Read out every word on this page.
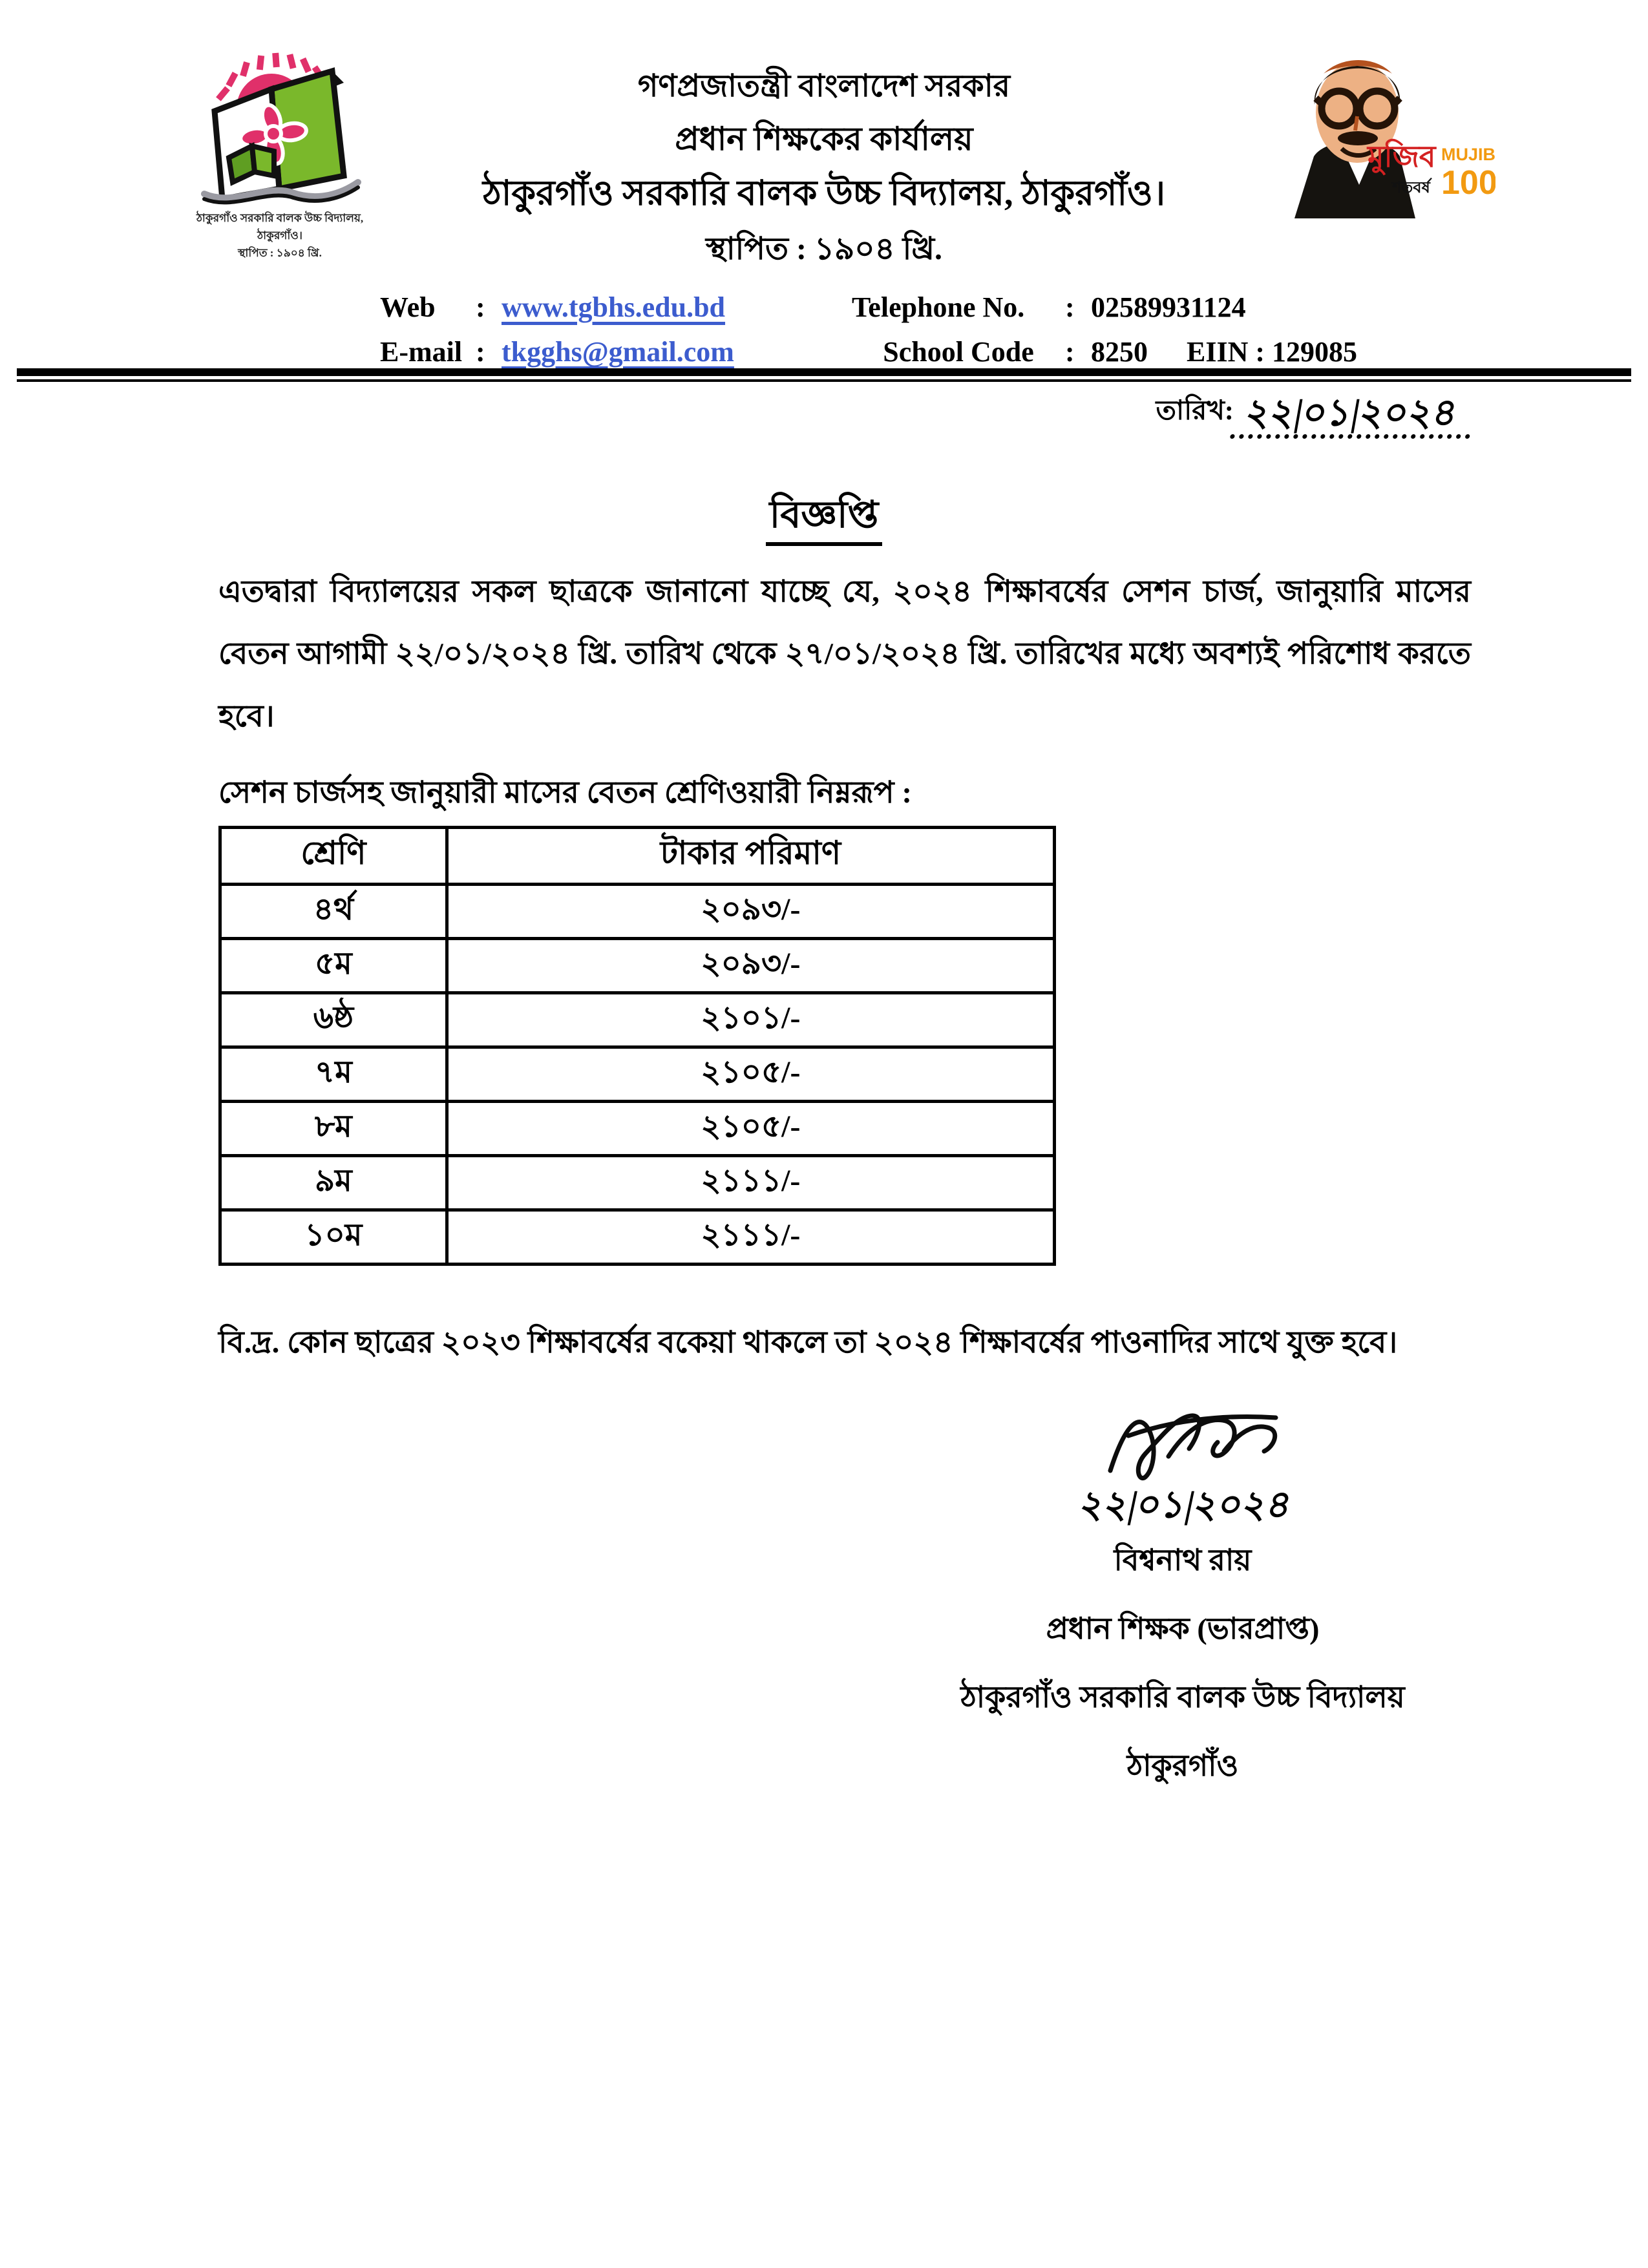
ঠাকুরগাঁও সরকারি বালক উচ্চ বিদ্যালয়, ঠাকুরগাঁও।
স্থাপিত : ১৯০৪ খ্রি.
গণপ্রজাতন্ত্রী বাংলাদেশ সরকার
প্রধান শিক্ষকের কার্যালয়
ঠাকুরগাঁও সরকারি বালক উচ্চ বিদ্যালয়, ঠাকুরগাঁও।
স্থাপিত : ১৯০৪ খ্রি.
মুজিব
শতবর্ষ
MUJIB
100
Web	: www.tgbhs.edu.bd
E-mail : tkgghs@gmail.com
Telephone No.	: 02589931124
School Code	: 8250 EIIN :
129085
তারিখ: ২২|০১|২০২৪
বিজ্ঞপ্তি

এতদ্বারা বিদ্যালয়ের সকল ছাত্রকে জানানো যাচ্ছে যে, ২০২৪ শিক্ষাবর্ষের সেশন চার্জ, জানুয়ারি মাসের বেতন আগামী ২২/০১/২০২৪ খ্রি. তারিখ থেকে ২৭/০১/২০২৪ খ্রি. তারিখের মধ্যে অবশ্যই পরিশোধ করতে হবে।

সেশন চার্জসহ জানুয়ারী মাসের বেতন শ্রেণিওয়ারী নিম্নরূপ :

শ্রেণি	টাকার পরিমাণ
৪র্থ	২০৯৩/-
৫ম	২০৯৩/-
৬ষ্ঠ	২১০১/-
৭ম	২১০৫/-
৮ম	২১০৫/-
৯ম	২১১১/-
১০ম	২১১১/-

বি.দ্র. কোন ছাত্রের ২০২৩ শিক্ষাবর্ষের বকেয়া থাকলে তা ২০২৪ শিক্ষাবর্ষের পাওনাদির সাথে যুক্ত হবে।

২২|০১|২০২৪
বিশ্বনাথ রায়
প্রধান শিক্ষক (ভারপ্রাপ্ত)
ঠাকুরগাঁও সরকারি বালক উচ্চ বিদ্যালয়
ঠাকুরগাঁও
